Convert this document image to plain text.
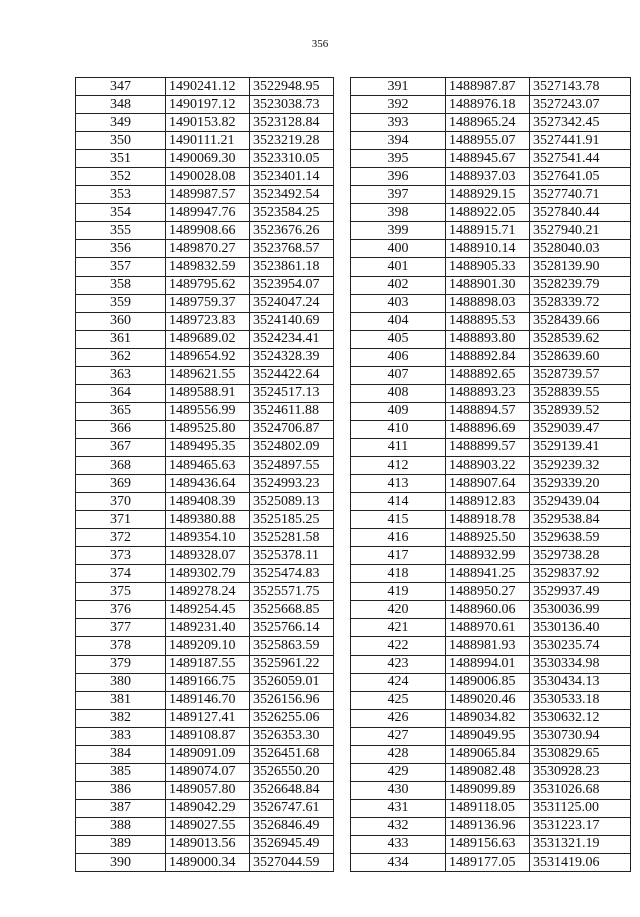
356
347	1490241.12	3522948.95
348	1490197.12	3523038.73
349	1490153.82	3523128.84
350	1490111.21	3523219.28
351	1490069.30	3523310.05
352	1490028.08	3523401.14
353	1489987.57	3523492.54
354	1489947.76	3523584.25
355	1489908.66	3523676.26
356	1489870.27	3523768.57
357	1489832.59	3523861.18
358	1489795.62	3523954.07
359	1489759.37	3524047.24
360	1489723.83	3524140.69
361	1489689.02	3524234.41
362	1489654.92	3524328.39
363	1489621.55	3524422.64
364	1489588.91	3524517.13
365	1489556.99	3524611.88
366	1489525.80	3524706.87
367	1489495.35	3524802.09
368	1489465.63	3524897.55
369	1489436.64	3524993.23
370	1489408.39	3525089.13
371	1489380.88	3525185.25
372	1489354.10	3525281.58
373	1489328.07	3525378.11
374	1489302.79	3525474.83
375	1489278.24	3525571.75
376	1489254.45	3525668.85
377	1489231.40	3525766.14
378	1489209.10	3525863.59
379	1489187.55	3525961.22
380	1489166.75	3526059.01
381	1489146.70	3526156.96
382	1489127.41	3526255.06
383	1489108.87	3526353.30
384	1489091.09	3526451.68
385	1489074.07	3526550.20
386	1489057.80	3526648.84
387	1489042.29	3526747.61
388	1489027.55	3526846.49
389	1489013.56	3526945.49
390	1489000.34	3527044.59
391	1488987.87	3527143.78
392	1488976.18	3527243.07
393	1488965.24	3527342.45
394	1488955.07	3527441.91
395	1488945.67	3527541.44
396	1488937.03	3527641.05
397	1488929.15	3527740.71
398	1488922.05	3527840.44
399	1488915.71	3527940.21
400	1488910.14	3528040.03
401	1488905.33	3528139.90
402	1488901.30	3528239.79
403	1488898.03	3528339.72
404	1488895.53	3528439.66
405	1488893.80	3528539.62
406	1488892.84	3528639.60
407	1488892.65	3528739.57
408	1488893.23	3528839.55
409	1488894.57	3528939.52
410	1488896.69	3529039.47
411	1488899.57	3529139.41
412	1488903.22	3529239.32
413	1488907.64	3529339.20
414	1488912.83	3529439.04
415	1488918.78	3529538.84
416	1488925.50	3529638.59
417	1488932.99	3529738.28
418	1488941.25	3529837.92
419	1488950.27	3529937.49
420	1488960.06	3530036.99
421	1488970.61	3530136.40
422	1488981.93	3530235.74
423	1488994.01	3530334.98
424	1489006.85	3530434.13
425	1489020.46	3530533.18
426	1489034.82	3530632.12
427	1489049.95	3530730.94
428	1489065.84	3530829.65
429	1489082.48	3530928.23
430	1489099.89	3531026.68
431	1489118.05	3531125.00
432	1489136.96	3531223.17
433	1489156.63	3531321.19
434	1489177.05	3531419.06
